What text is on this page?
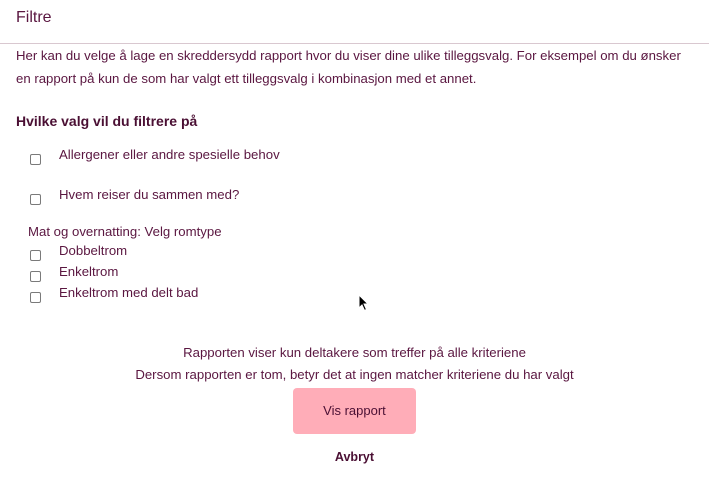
Filtre

Her kan du velge å lage en skreddersydd rapport hvor du viser dine ulike tilleggsvalg. For eksempel om du ønsker
en rapport på kun de som har valgt ett tilleggsvalg i kombinasjon med et annet.

Hvilke valg vil du filtrere på
Allergener eller andre spesielle behov
Hvem reiser du sammen med?
Mat og overnatting: Velg romtype
Dobbeltrom
Enkeltrom
Enkeltrom med delt bad
Rapporten viser kun deltakere som treffer på alle kriteriene
Dersom rapporten er tom, betyr det at ingen matcher kriteriene du har valgt
Vis rapport
Avbryt
